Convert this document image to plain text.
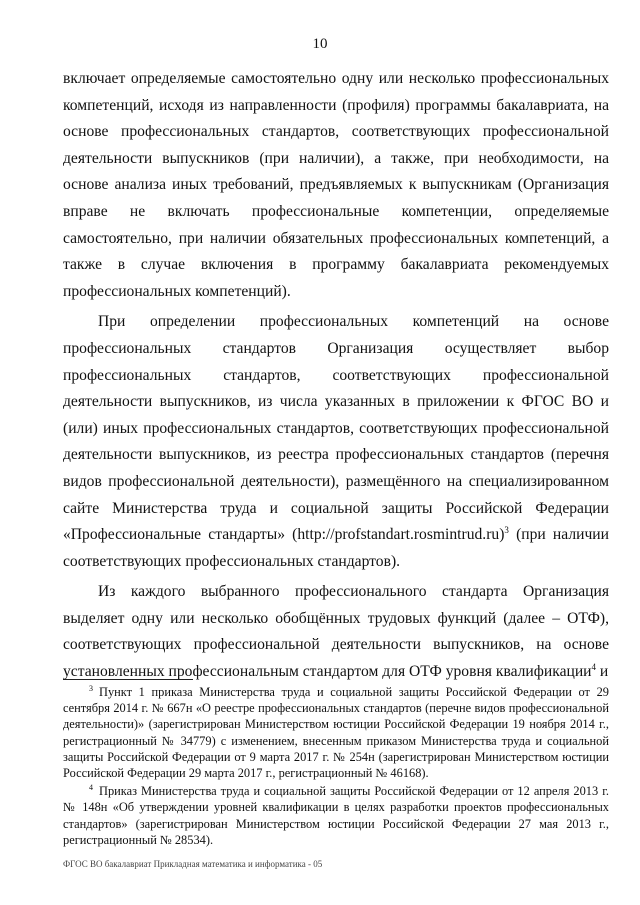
10

включает определяемые самостоятельно одну или несколько профессиональных компетенций, исходя из направленности (профиля) программы бакалавриата, на основе профессиональных стандартов, соответствующих профессиональной деятельности выпускников (при наличии), а также, при необходимости, на основе анализа иных требований, предъявляемых к выпускникам (Организация вправе не включать профессиональные компетенции, определяемые самостоятельно, при наличии обязательных профессиональных компетенций, а также в случае включения в программу бакалавриата рекомендуемых профессиональных компетенций).

При определении профессиональных компетенций на основе профессиональных стандартов Организация осуществляет выбор профессиональных стандартов, соответствующих профессиональной деятельности выпускников, из числа указанных в приложении к ФГОС ВО и (или) иных профессиональных стандартов, соответствующих профессиональной деятельности выпускников, из реестра профессиональных стандартов (перечня видов профессиональной деятельности), размещённого на специализированном сайте Министерства труда и социальной защиты Российской Федерации «Профессиональные стандарты» (http://profstandart.rosmintrud.ru)$^3$ (при наличии соответствующих профессиональных стандартов).

Из каждого выбранного профессионального стандарта Организация выделяет одну или несколько обобщённых трудовых функций (далее – ОТФ), соответствующих профессиональной деятельности выпускников, на основе установленных профессиональным стандартом для ОТФ уровня квалификации$^4$ и

$^3$ Пункт 1 приказа Министерства труда и социальной защиты Российской Федерации от 29 сентября 2014 г. № 667н «О реестре профессиональных стандартов (перечне видов профессиональной деятельности)» (зарегистрирован Министерством юстиции Российской Федерации 19 ноября 2014 г., регистрационный № 34779) с изменением, внесенным приказом Министерства труда и социальной защиты Российской Федерации от 9 марта 2017 г. № 254н (зарегистрирован Министерством юстиции Российской Федерации 29 марта 2017 г., регистрационный № 46168).

$^4$ Приказ Министерства труда и социальной защиты Российской Федерации от 12 апреля 2013 г. № 148н «Об утверждении уровней квалификации в целях разработки проектов профессиональных стандартов» (зарегистрирован Министерством юстиции Российской Федерации 27 мая 2013 г., регистрационный № 28534).

ФГОС ВО бакалавриат Прикладная математика и информатика - 05
